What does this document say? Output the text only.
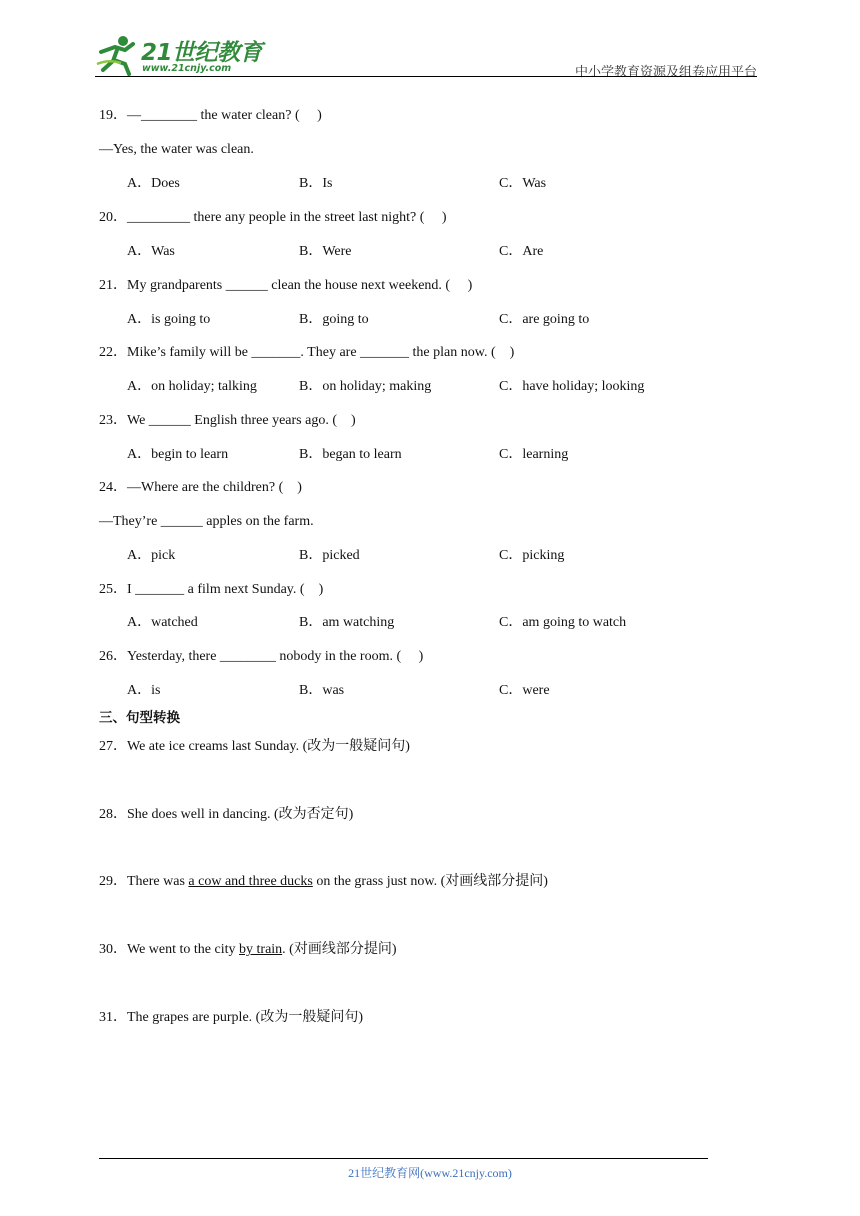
21世纪教育
www.21cnjy.com	中小学教育资源及组卷应用平台
19．—________ the water clean? (　 )
—Yes, the water was clean.
A．Does	B．Is	C．Was
20．_________ there any people in the street last night? (　 )
A．Was	B．Were	C．Are
21．My grandparents ______ clean the house next weekend. (　 )
A．is going to	B．going to	C．are going to
22．Mike’s family will be _______. They are _______ the plan now. (　)
A．on holiday; talking	B．on holiday; making	C．have holiday; looking
23．We ______ English three years ago. (　)
A．begin to learn	B．began to learn	C．learning
24．—Where are the children? (　)
—They’re ______ apples on the farm.
A．pick	B．picked	C．picking
25．I _______ a film next Sunday. (　)
A．watched	B．am watching	C．am going to watch
26．Yesterday, there ________ nobody in the room. (　 )
A．is	B．was	C．were
三、句型转换
27．We ate ice creams last Sunday. (改为一般疑问句)
28．She does well in dancing. (改为否定句)
29．There was a cow and three ducks on the grass just now. (对画线部分提问)
30．We went to the city by train. (对画线部分提问)
31．The grapes are purple. (改为一般疑问句)
21世纪教育网(www.21cnjy.com)
